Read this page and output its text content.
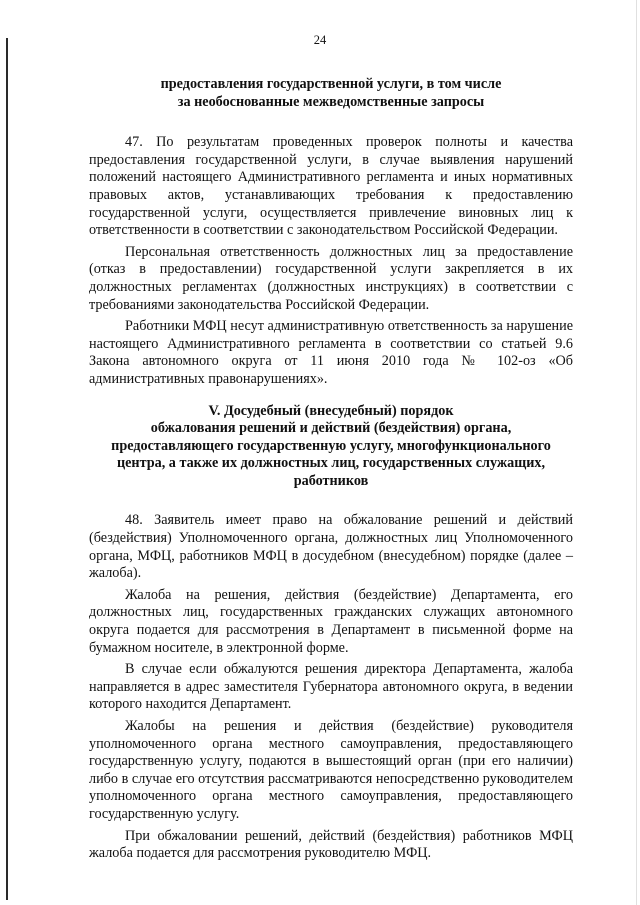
24
предоставления государственной услуги, в том числе
за необоснованные межведомственные запросы

47. По результатам проведенных проверок полноты и качества предоставления государственной услуги, в случае выявления нарушений положений настоящего Административного регламента и иных нормативных правовых актов, устанавливающих требования к предоставлению государственной услуги, осуществляется привлечение виновных лиц к ответственности в соответствии с законодательством Российской Федерации.

Персональная ответственность должностных лиц за предоставление (отказ в предоставлении) государственной услуги закрепляется в их должностных регламентах (должностных инструкциях) в соответствии с требованиями законодательства Российской Федерации.

Работники МФЦ несут административную ответственность за нарушение настоящего Административного регламента в соответствии со статьей 9.6 Закона автономного округа от 11 июня 2010 года № 102-оз «Об административных правонарушениях».

V. Досудебный (внесудебный) порядок
обжалования решений и действий (бездействия) органа,
предоставляющего государственную услугу, многофункционального
центра, а также их должностных лиц, государственных служащих,
работников

48. Заявитель имеет право на обжалование решений и действий (бездействия) Уполномоченного органа, должностных лиц Уполномоченного органа, МФЦ, работников МФЦ в досудебном (внесудебном) порядке (далее – жалоба).

Жалоба на решения, действия (бездействие) Департамента, его должностных лиц, государственных гражданских служащих автономного округа подается для рассмотрения в Департамент в письменной форме на бумажном носителе, в электронной форме.

В случае если обжалуются решения директора Департамента, жалоба направляется в адрес заместителя Губернатора автономного округа, в ведении которого находится Департамент.

Жалобы на решения и действия (бездействие) руководителя уполномоченного органа местного самоуправления, предоставляющего государственную услугу, подаются в вышестоящий орган (при его наличии) либо в случае его отсутствия рассматриваются непосредственно руководителем уполномоченного органа местного самоуправления, предоставляющего государственную услугу.

При обжаловании решений, действий (бездействия) работников МФЦ жалоба подается для рассмотрения руководителю МФЦ.
